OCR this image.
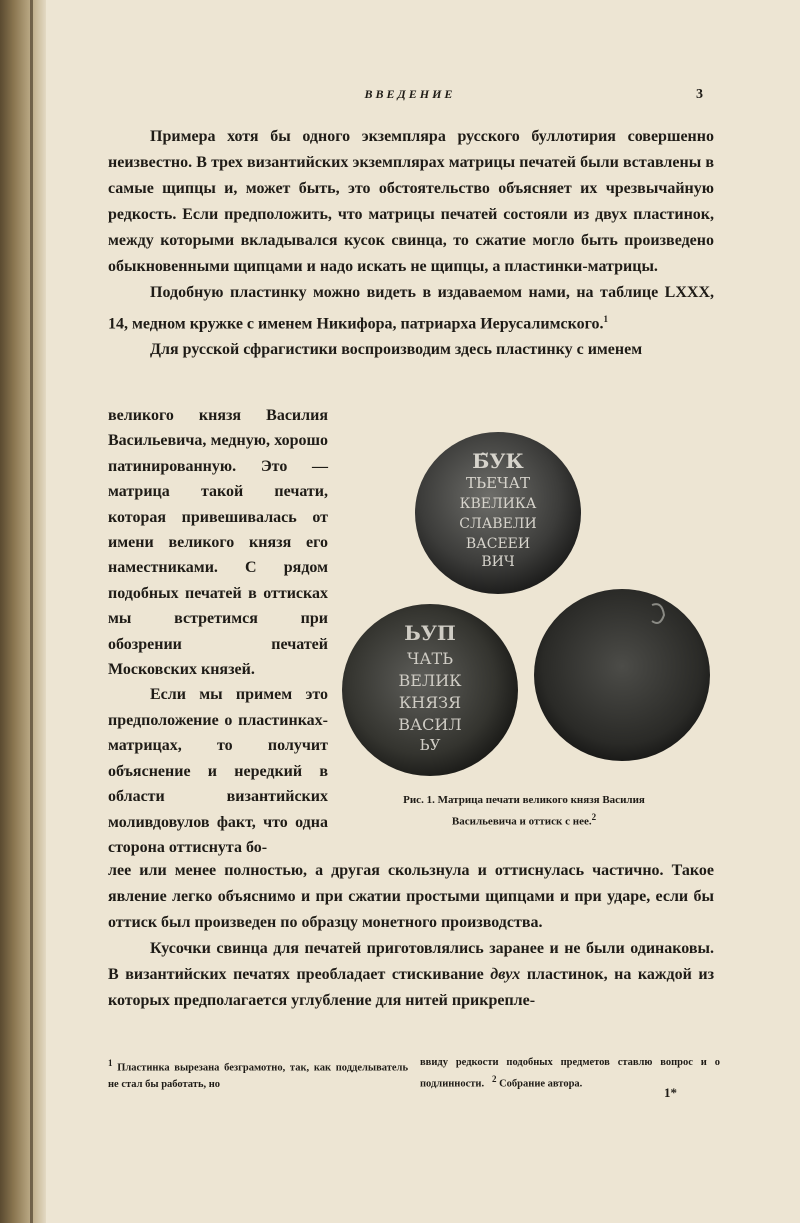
ВВЕДЕНИЕ	3

Примера хотя бы одного экземпляра русского буллотирия совершенно неизвестно. В трех византийских экземплярах матрицы печатей были вставлены в самые щипцы и, может быть, это обстоятельство объясняет их чрезвычайную редкость. Если предположить, что матрицы печатей состояли из двух пластинок, между которыми вкладывался кусок свинца, то сжатие могло быть произведено обыкновенными щипцами и надо искать не щипцы, а пластинки-матрицы.

Подобную пластинку можно видеть в издаваемом нами, на таблице LXXX, 14, медном кружке с именем Никифора, патриарха Иерусалимского.$^1$

Для русской сфрагистики воспроизводим здесь пластинку с именем

великого князя Василия Васильевича, медную, хорошо патинированную. Это — матрица такой печати, которая привешивалась от имени великого князя его наместниками. С рядом подобных печатей в оттисках мы встретимся при обозрении печатей Московских князей.

Если мы примем это предположение о пластинках-матрицах, то получит объяснение и нередкий в области византийских моливдовулов факт, что одна сторона оттиснута бо-

Б̃УК
ТЬЕЧАТ
КВЕЛИКА
СЛАВЕЛИ
ВАСЕЕИ
ВИЧ
ЬУП
ЧАТЬ
ВЕЛИК
КНЯЗЯ
ВАСИЛ
ЬУ
Рис. 1. Матрица печати великого князя Василия
Васильевича и оттиск с нее.$^2$

лее или менее полностью, а другая скользнула и оттиснулась частично. Такое явление легко объяснимо и при сжатии простыми щипцами и при ударе, если бы оттиск был произведен по образцу монетного производства.

Кусочки свинца для печатей приготовлялись заранее и не были одинаковы. В византийских печатях преобладает стискивание двух пластинок, на каждой из которых предполагается углубление для нитей прикрепле-

$^1$ Пластинка вырезана безграмотно, так, как подделыватель не стал бы работать, но
ввиду редкости подобных предметов ставлю вопрос и о подлинности. $^2$ Собрание автора.
1*
